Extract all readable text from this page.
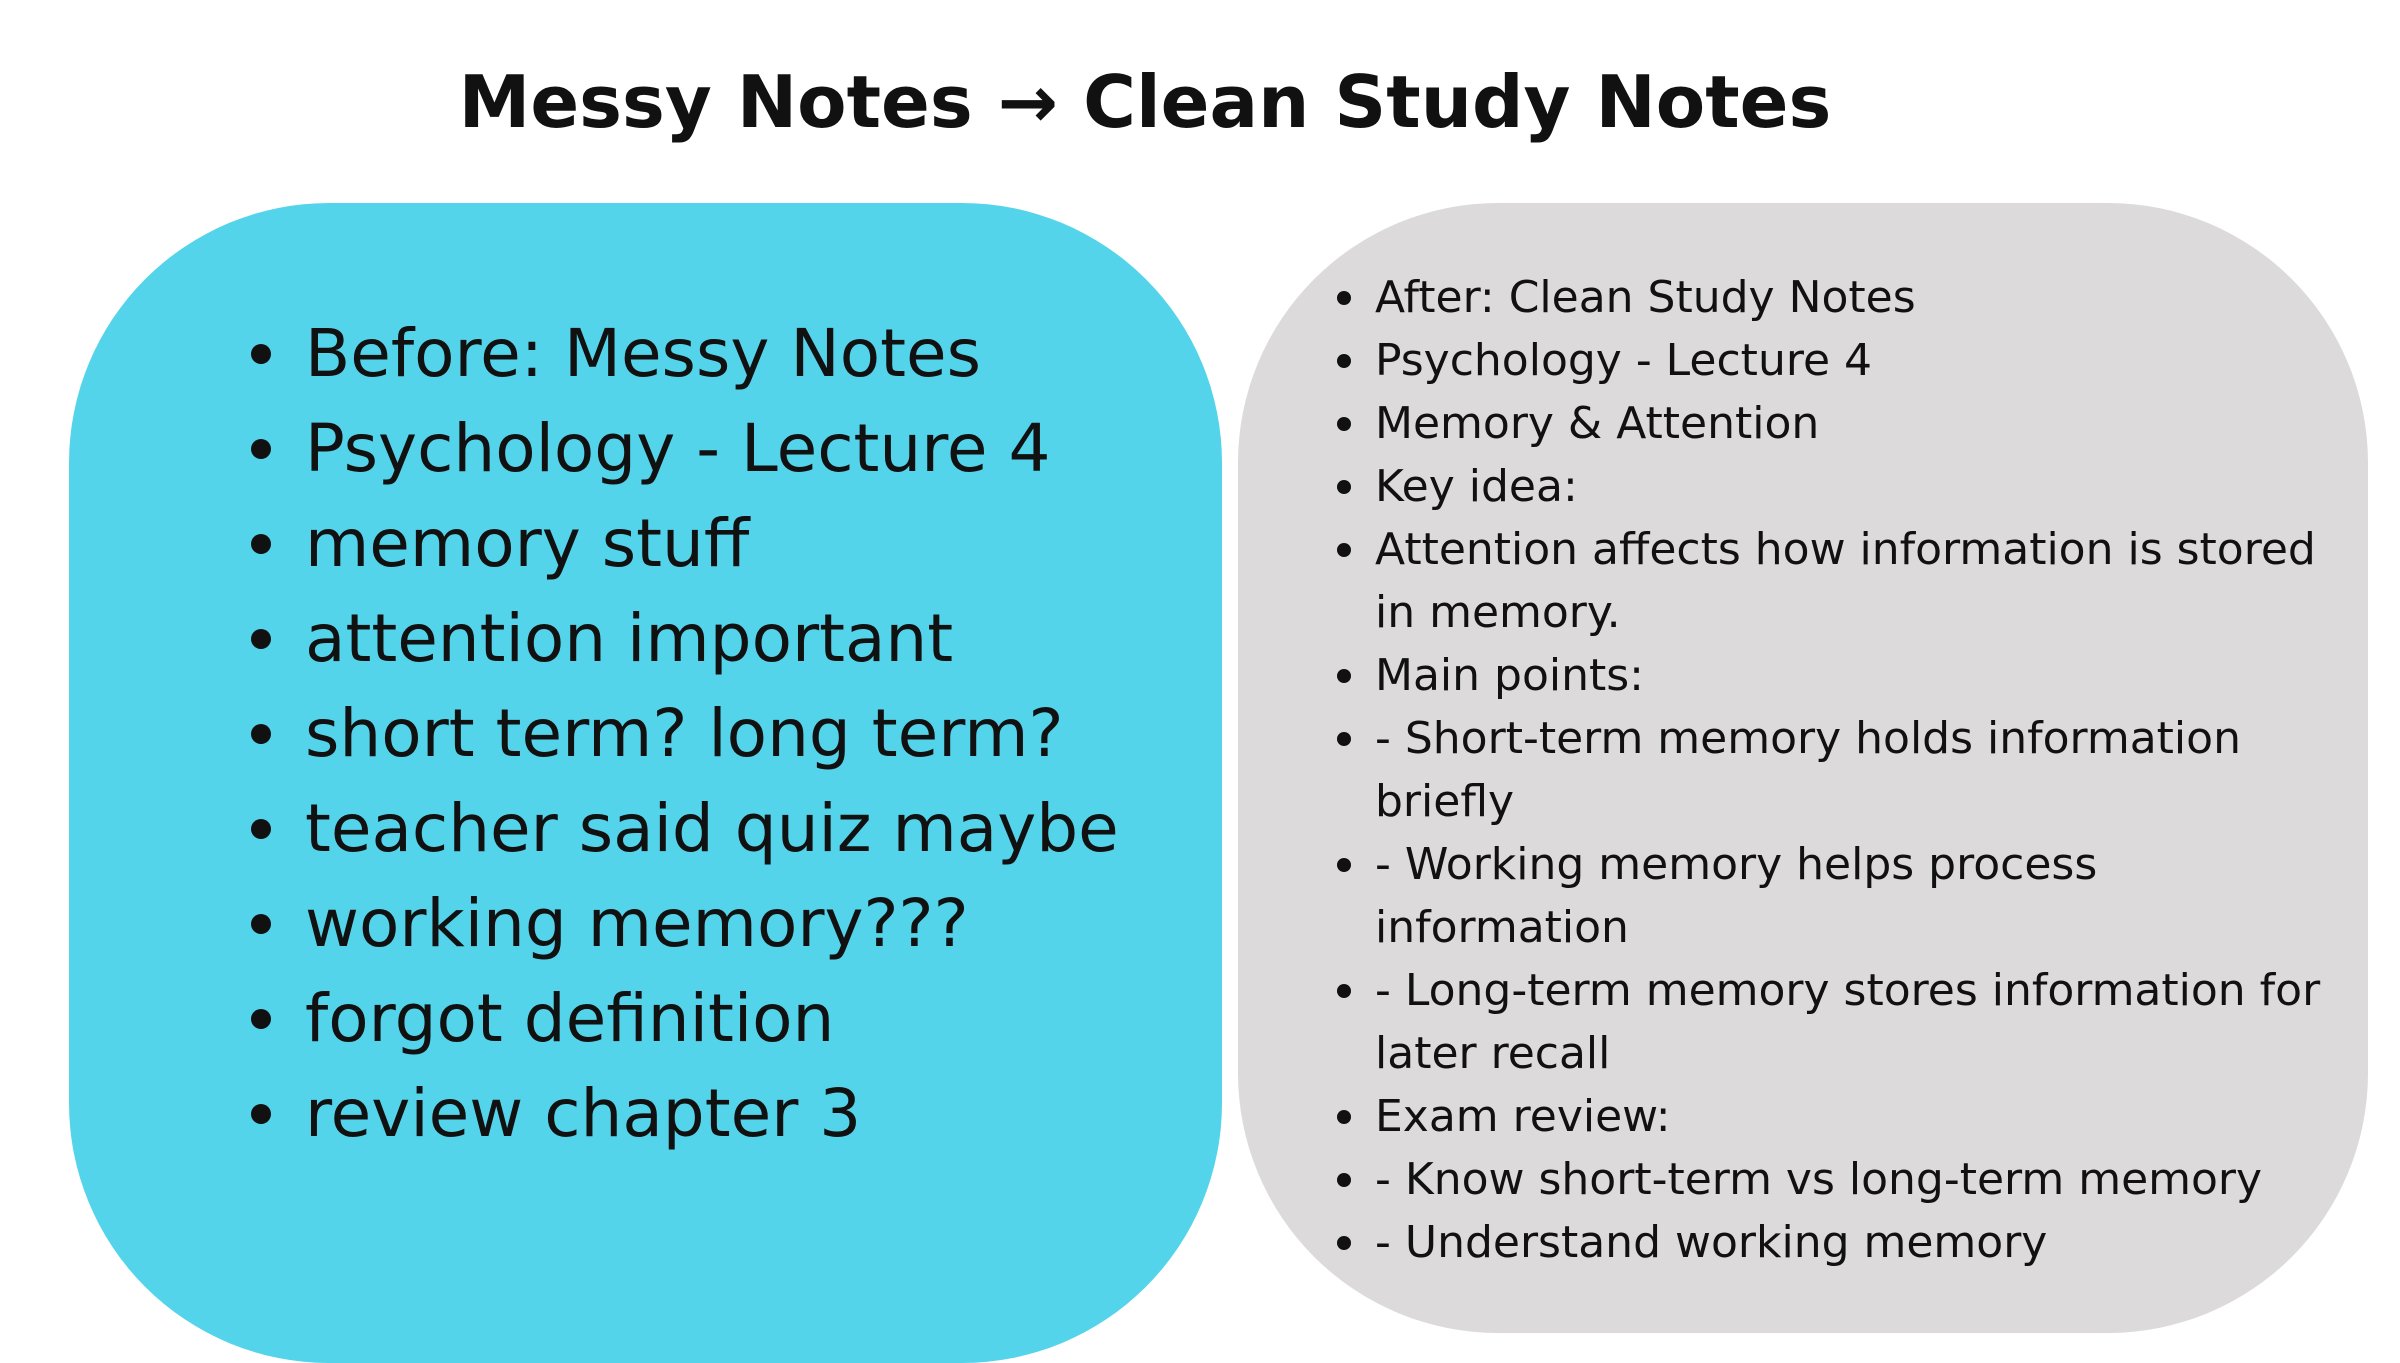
Messy Notes → Clean Study Notes
Before: Messy Notes
Psychology - Lecture 4
memory stuff
attention important
short term? long term?
teacher said quiz maybe
working memory???
forgot definition
review chapter 3
After: Clean Study Notes
Psychology - Lecture 4
Memory & Attention
Key idea:
Attention affects how information is stored in memory.
Main points:
- Short-term memory holds information briefly
- Working memory helps process information
- Long-term memory stores information for later recall
Exam review:
- Know short-term vs long-term memory
- Understand working memory
